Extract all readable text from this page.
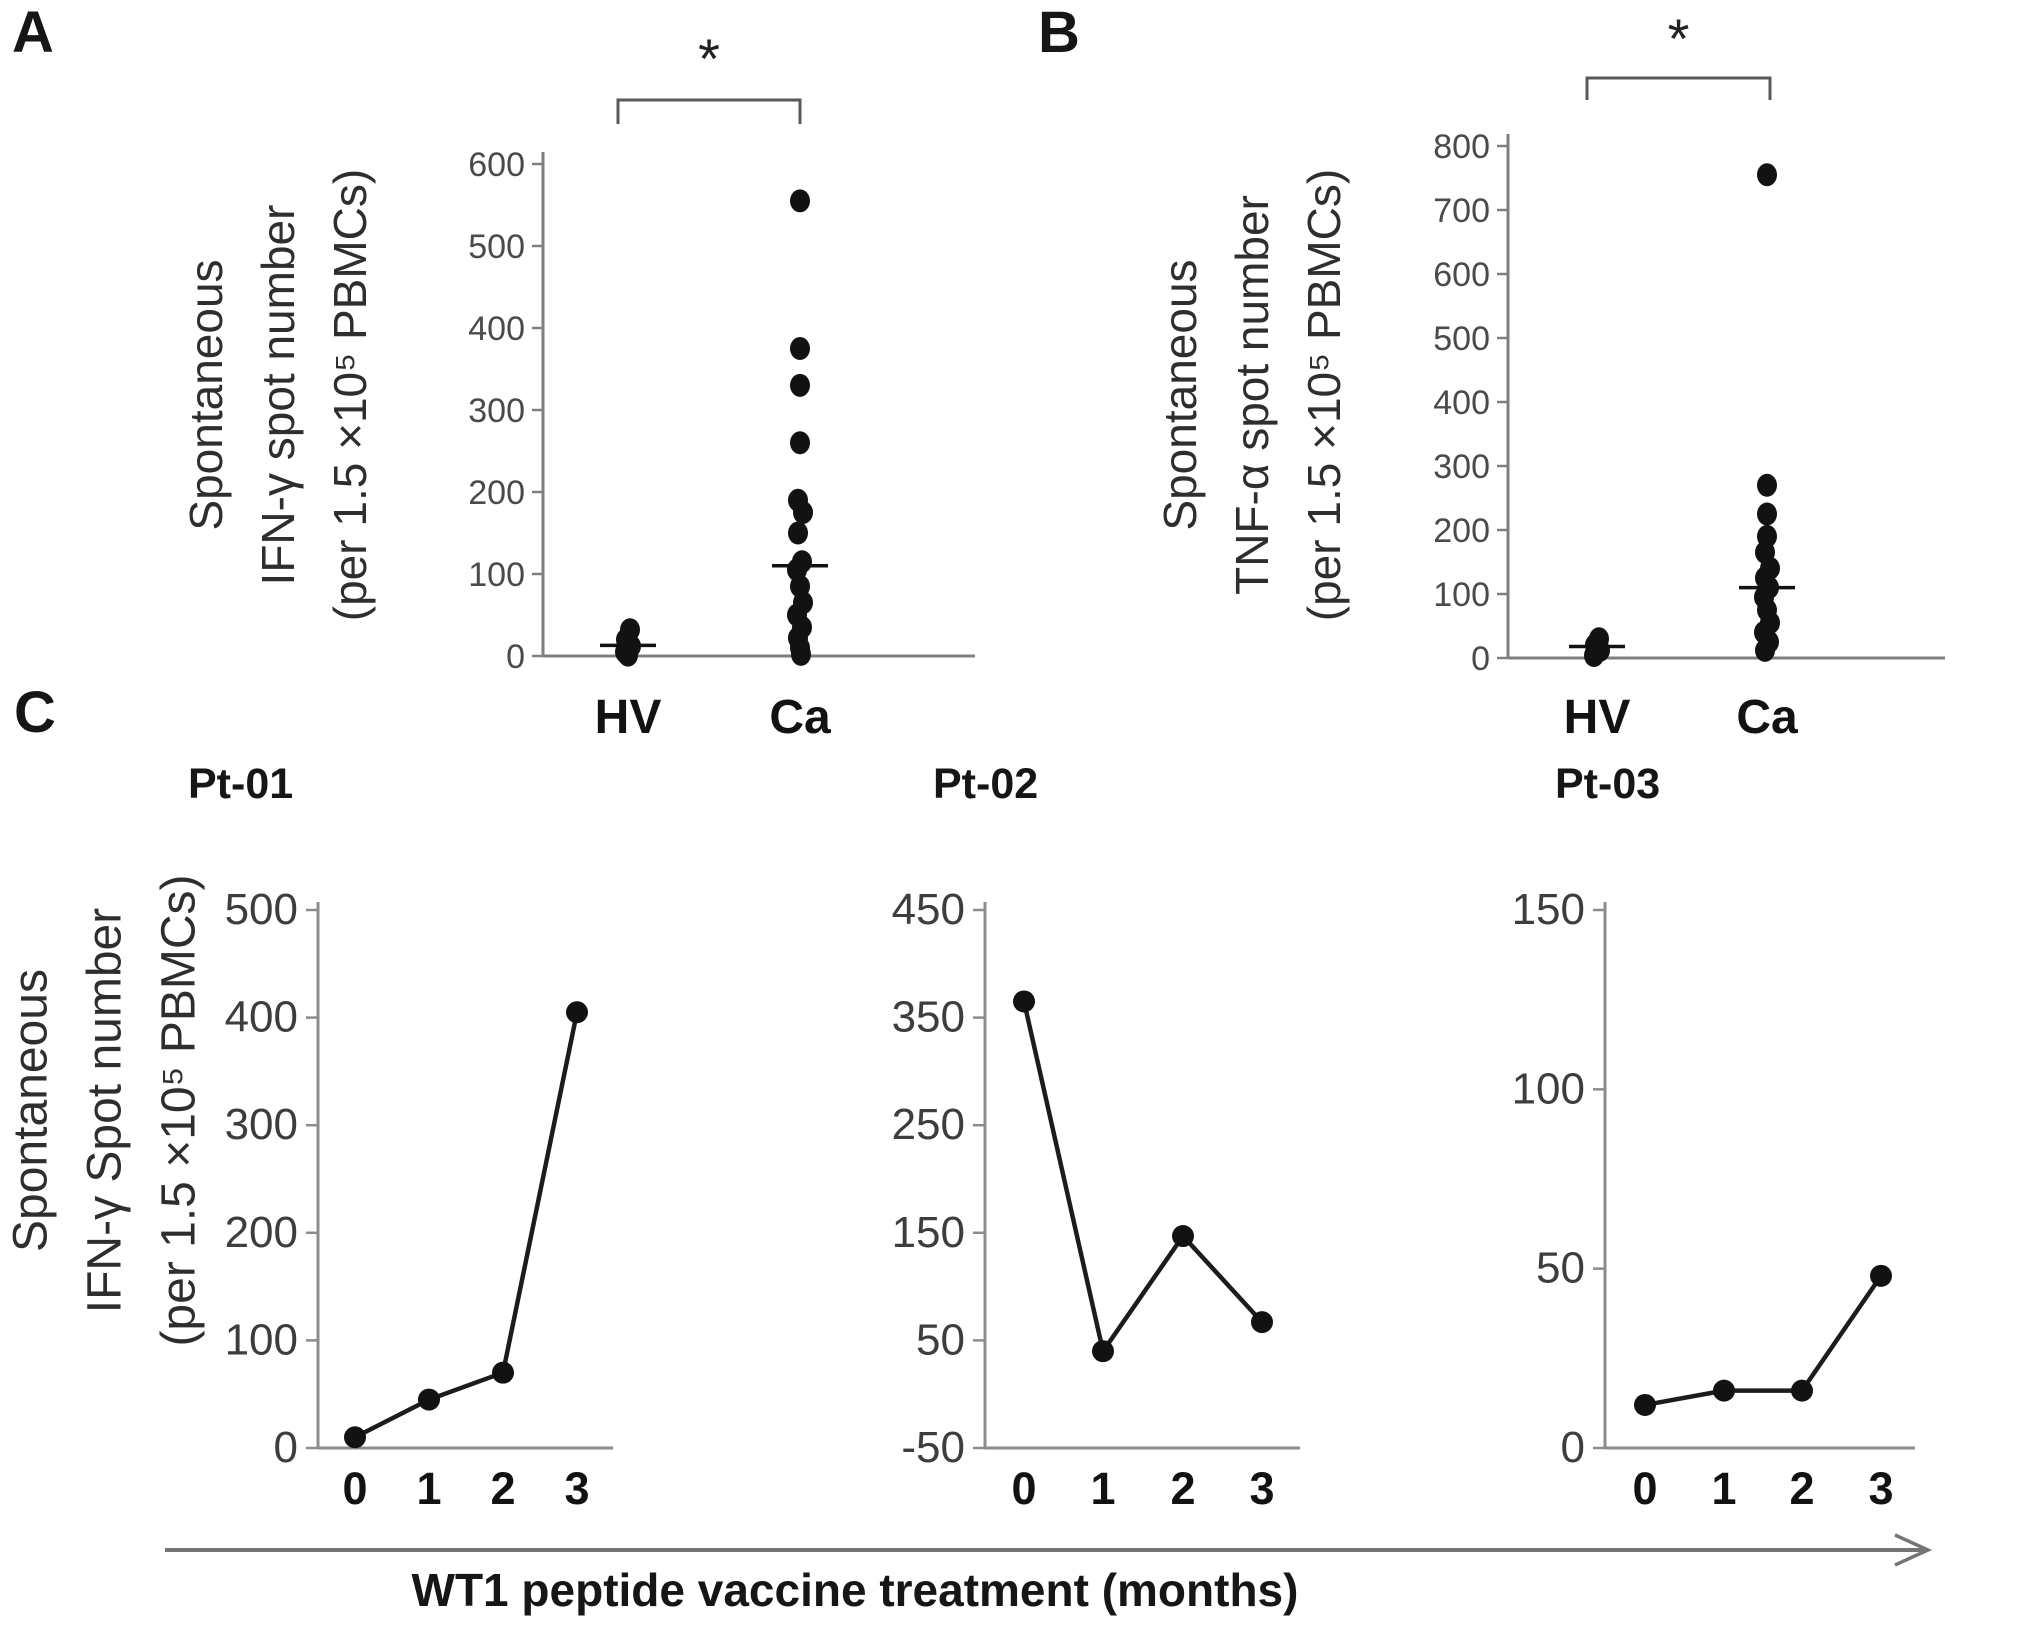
0
100
200
300
400
500
600
HV Ca
*
0
100
200
300
400
500
600
700
800
HV Ca
*
0
100
200
300
400
500
0 1 2 3
-50
50
150
250
350
450
0 1 2 3
0
50
100
150
0 1 2 3
A	B
C
Spontaneous IFN-γ spot number (per 1.5 ×10⁵ PBMCs)	Spontaneous TNF-α spot number (per 1.5 ×10⁵ PBMCs)
Spontaneous IFN-γ Spot number (per 1.5 ×10⁵ PBMCs)
Pt-01	Pt-02	Pt-03
WT1 peptide vaccine treatment (months)
